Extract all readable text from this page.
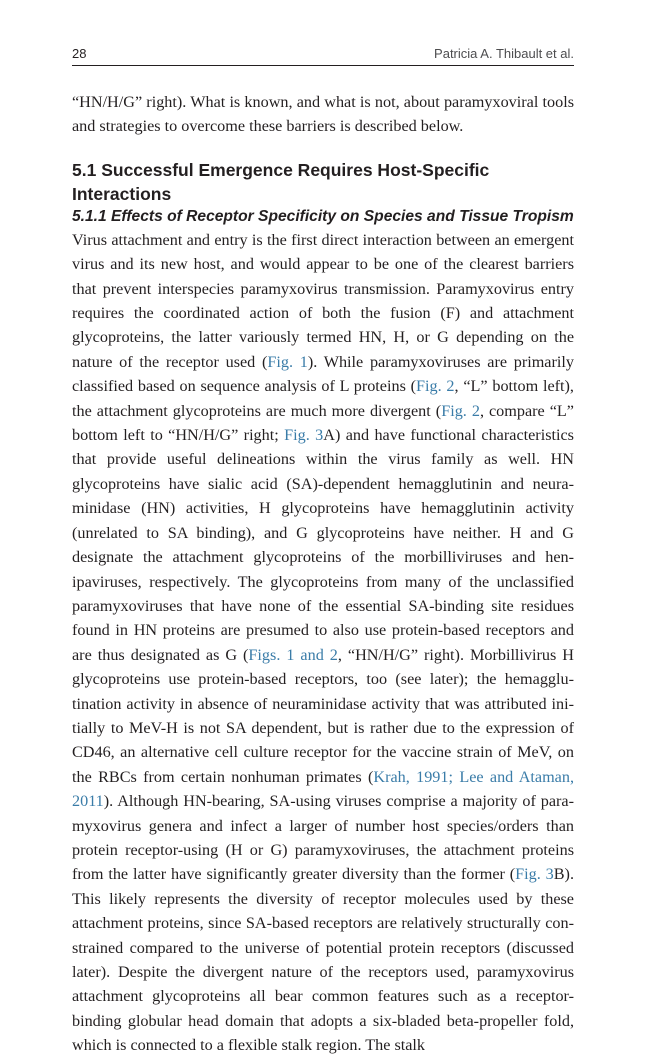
28	Patricia A. Thibault et al.

“HN/H/G” right). What is known, and what is not, about paramyxoviral tools and strategies to overcome these barriers is described below.

5.1 Successful Emergence Requires Host-Specific Interactions
5.1.1 Effects of Receptor Specificity on Species and Tissue Tropism

Virus attachment and entry is the first direct interaction between an emergent virus and its new host, and would appear to be one of the clearest barriers that prevent interspecies paramyxovirus transmission. Paramyxovirus entry requires the coordinated action of both the fusion (F) and attachment glycoproteins, the latter variously termed HN, H, or G depending on the nature of the receptor used (Fig. 1). While paramyxoviruses are primarily classified based on sequence analysis of L proteins (Fig. 2, “L” bottom left), the attachment glycoproteins are much more divergent (Fig. 2, compare “L” bottom left to “HN/H/G” right; Fig. 3A) and have functional characteristics that provide useful delineations within the virus family as well. HN glycoproteins have sialic acid (SA)-dependent hemagglutinin and neuraminidase (HN) activities, H glycoproteins have hemagglutinin activity (unrelated to SA binding), and G glycoproteins have neither. H and G designate the attachment glycoproteins of the morbilliviruses and henipaviruses, respectively. The glycoproteins from many of the unclassified paramyxoviruses that have none of the essential SA-binding site residues found in HN proteins are presumed to also use protein-based receptors and are thus designated as G (Figs. 1 and 2, “HN/H/G” right). Morbillivirus H glycoproteins use protein-based receptors, too (see later); the hemagglutination activity in absence of neuraminidase activity that was attributed initially to MeV-H is not SA dependent, but is rather due to the expression of CD46, an alternative cell culture receptor for the vaccine strain of MeV, on the RBCs from certain nonhuman primates (Krah, 1991; Lee and Ataman, 2011). Although HN-bearing, SA-using viruses comprise a majority of paramyxovirus genera and infect a larger of number host species/orders than protein receptor-using (H or G) paramyxoviruses, the attachment proteins from the latter have significantly greater diversity than the former (Fig. 3B). This likely represents the diversity of receptor molecules used by these attachment proteins, since SA-based receptors are relatively structurally constrained compared to the universe of potential protein receptors (discussed later). Despite the divergent nature of the receptors used, paramyxovirus attachment glycoproteins all bear common features such as a receptor-binding globular head domain that adopts a six-bladed beta-propeller fold, which is connected to a flexible stalk region. The stalk
